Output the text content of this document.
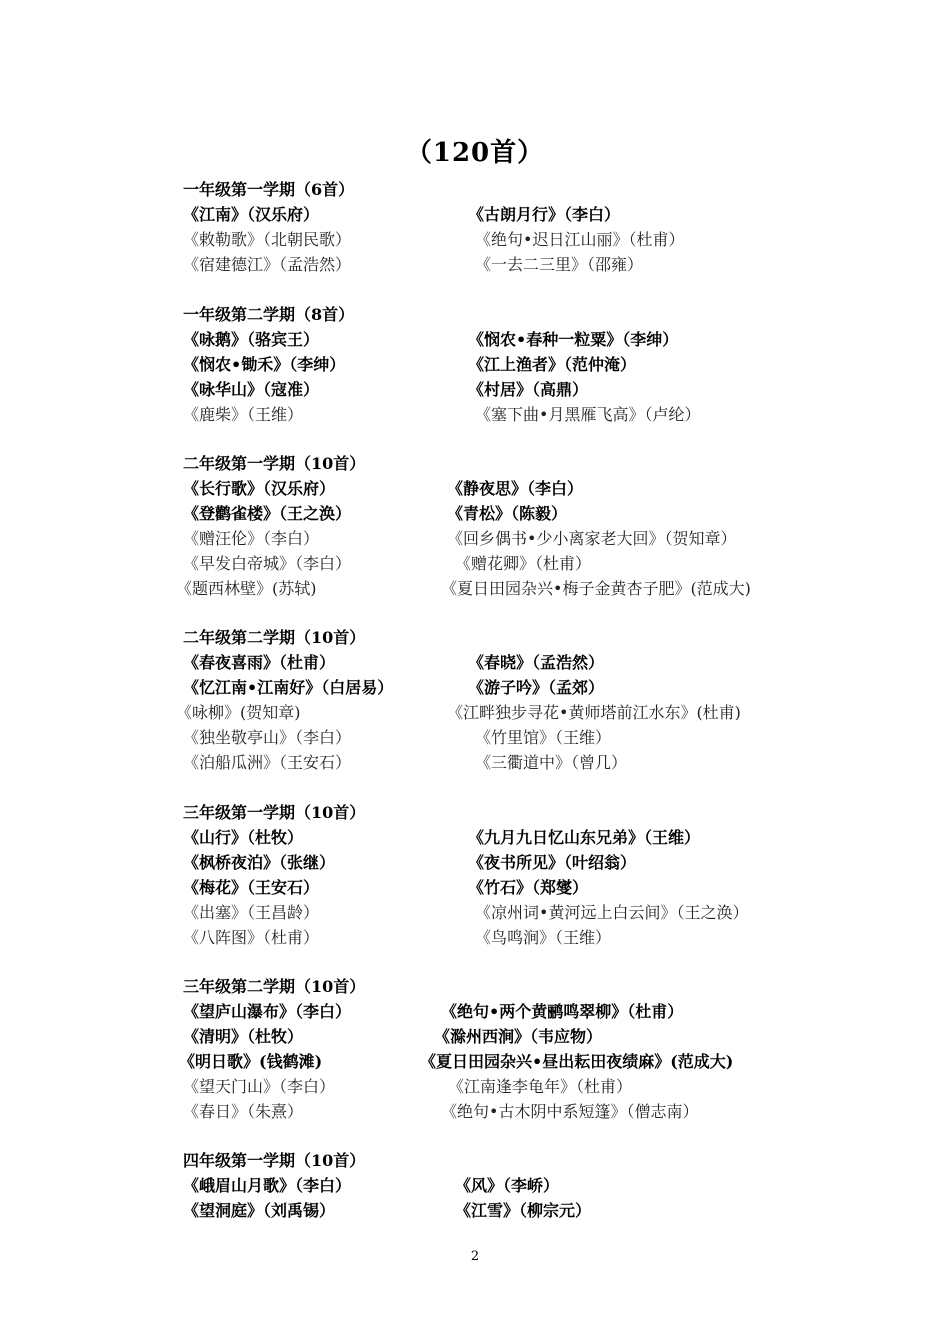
（120首）
一年级第一学期（6首）
《江南》（汉乐府）	《古朗月行》（李白）
《敕勒歌》（北朝民歌）	《绝句•迟日江山丽》（杜甫）
《宿建德江》（孟浩然）	《一去二三里》（邵雍）
一年级第二学期（8首）
《咏鹅》（骆宾王）	《悯农•春种一粒粟》（李绅）
《悯农•锄禾》（李绅）	《江上渔者》（范仲淹）
《咏华山》（寇准）	《村居》（高鼎）
《鹿柴》（王维）	《塞下曲•月黑雁飞高》（卢纶）
二年级第一学期（10首）
《长行歌》（汉乐府）	《静夜思》（李白）
《登鹳雀楼》（王之涣）	《青松》（陈毅）
《赠汪伦》（李白）	《回乡偶书•少小离家老大回》（贺知章）
《早发白帝城》（李白）	《赠花卿》（杜甫）
《题西林壁》(苏轼)	《夏日田园杂兴•梅子金黄杏子肥》(范成大)
二年级第二学期（10首）
《春夜喜雨》（杜甫）	《春晓》（孟浩然）
《忆江南•江南好》（白居易）	《游子吟》（孟郊）
《咏柳》(贺知章)	《江畔独步寻花•黄师塔前江水东》(杜甫)
《独坐敬亭山》（李白）	《竹里馆》（王维）
《泊船瓜洲》（王安石）	《三衢道中》（曾几）
三年级第一学期（10首）
《山行》（杜牧）	《九月九日忆山东兄弟》（王维）
《枫桥夜泊》（张继）	《夜书所见》（叶绍翁）
《梅花》（王安石）	《竹石》（郑燮）
《出塞》（王昌龄）	《凉州词•黄河远上白云间》（王之涣）
《八阵图》（杜甫）	《鸟鸣涧》（王维）
三年级第二学期（10首）
《望庐山瀑布》（李白）	《绝句•两个黄鹂鸣翠柳》（杜甫）
《清明》（杜牧）	《滁州西涧》（韦应物）
《明日歌》(钱鹤滩)	《夏日田园杂兴•昼出耘田夜绩麻》(范成大)
《望天门山》（李白）	《江南逢李龟年》（杜甫）
《春日》（朱熹）	《绝句•古木阴中系短篷》（僧志南）
四年级第一学期（10首）
《峨眉山月歌》（李白）	《风》（李峤）
《望洞庭》（刘禹锡）	《江雪》（柳宗元）
2
